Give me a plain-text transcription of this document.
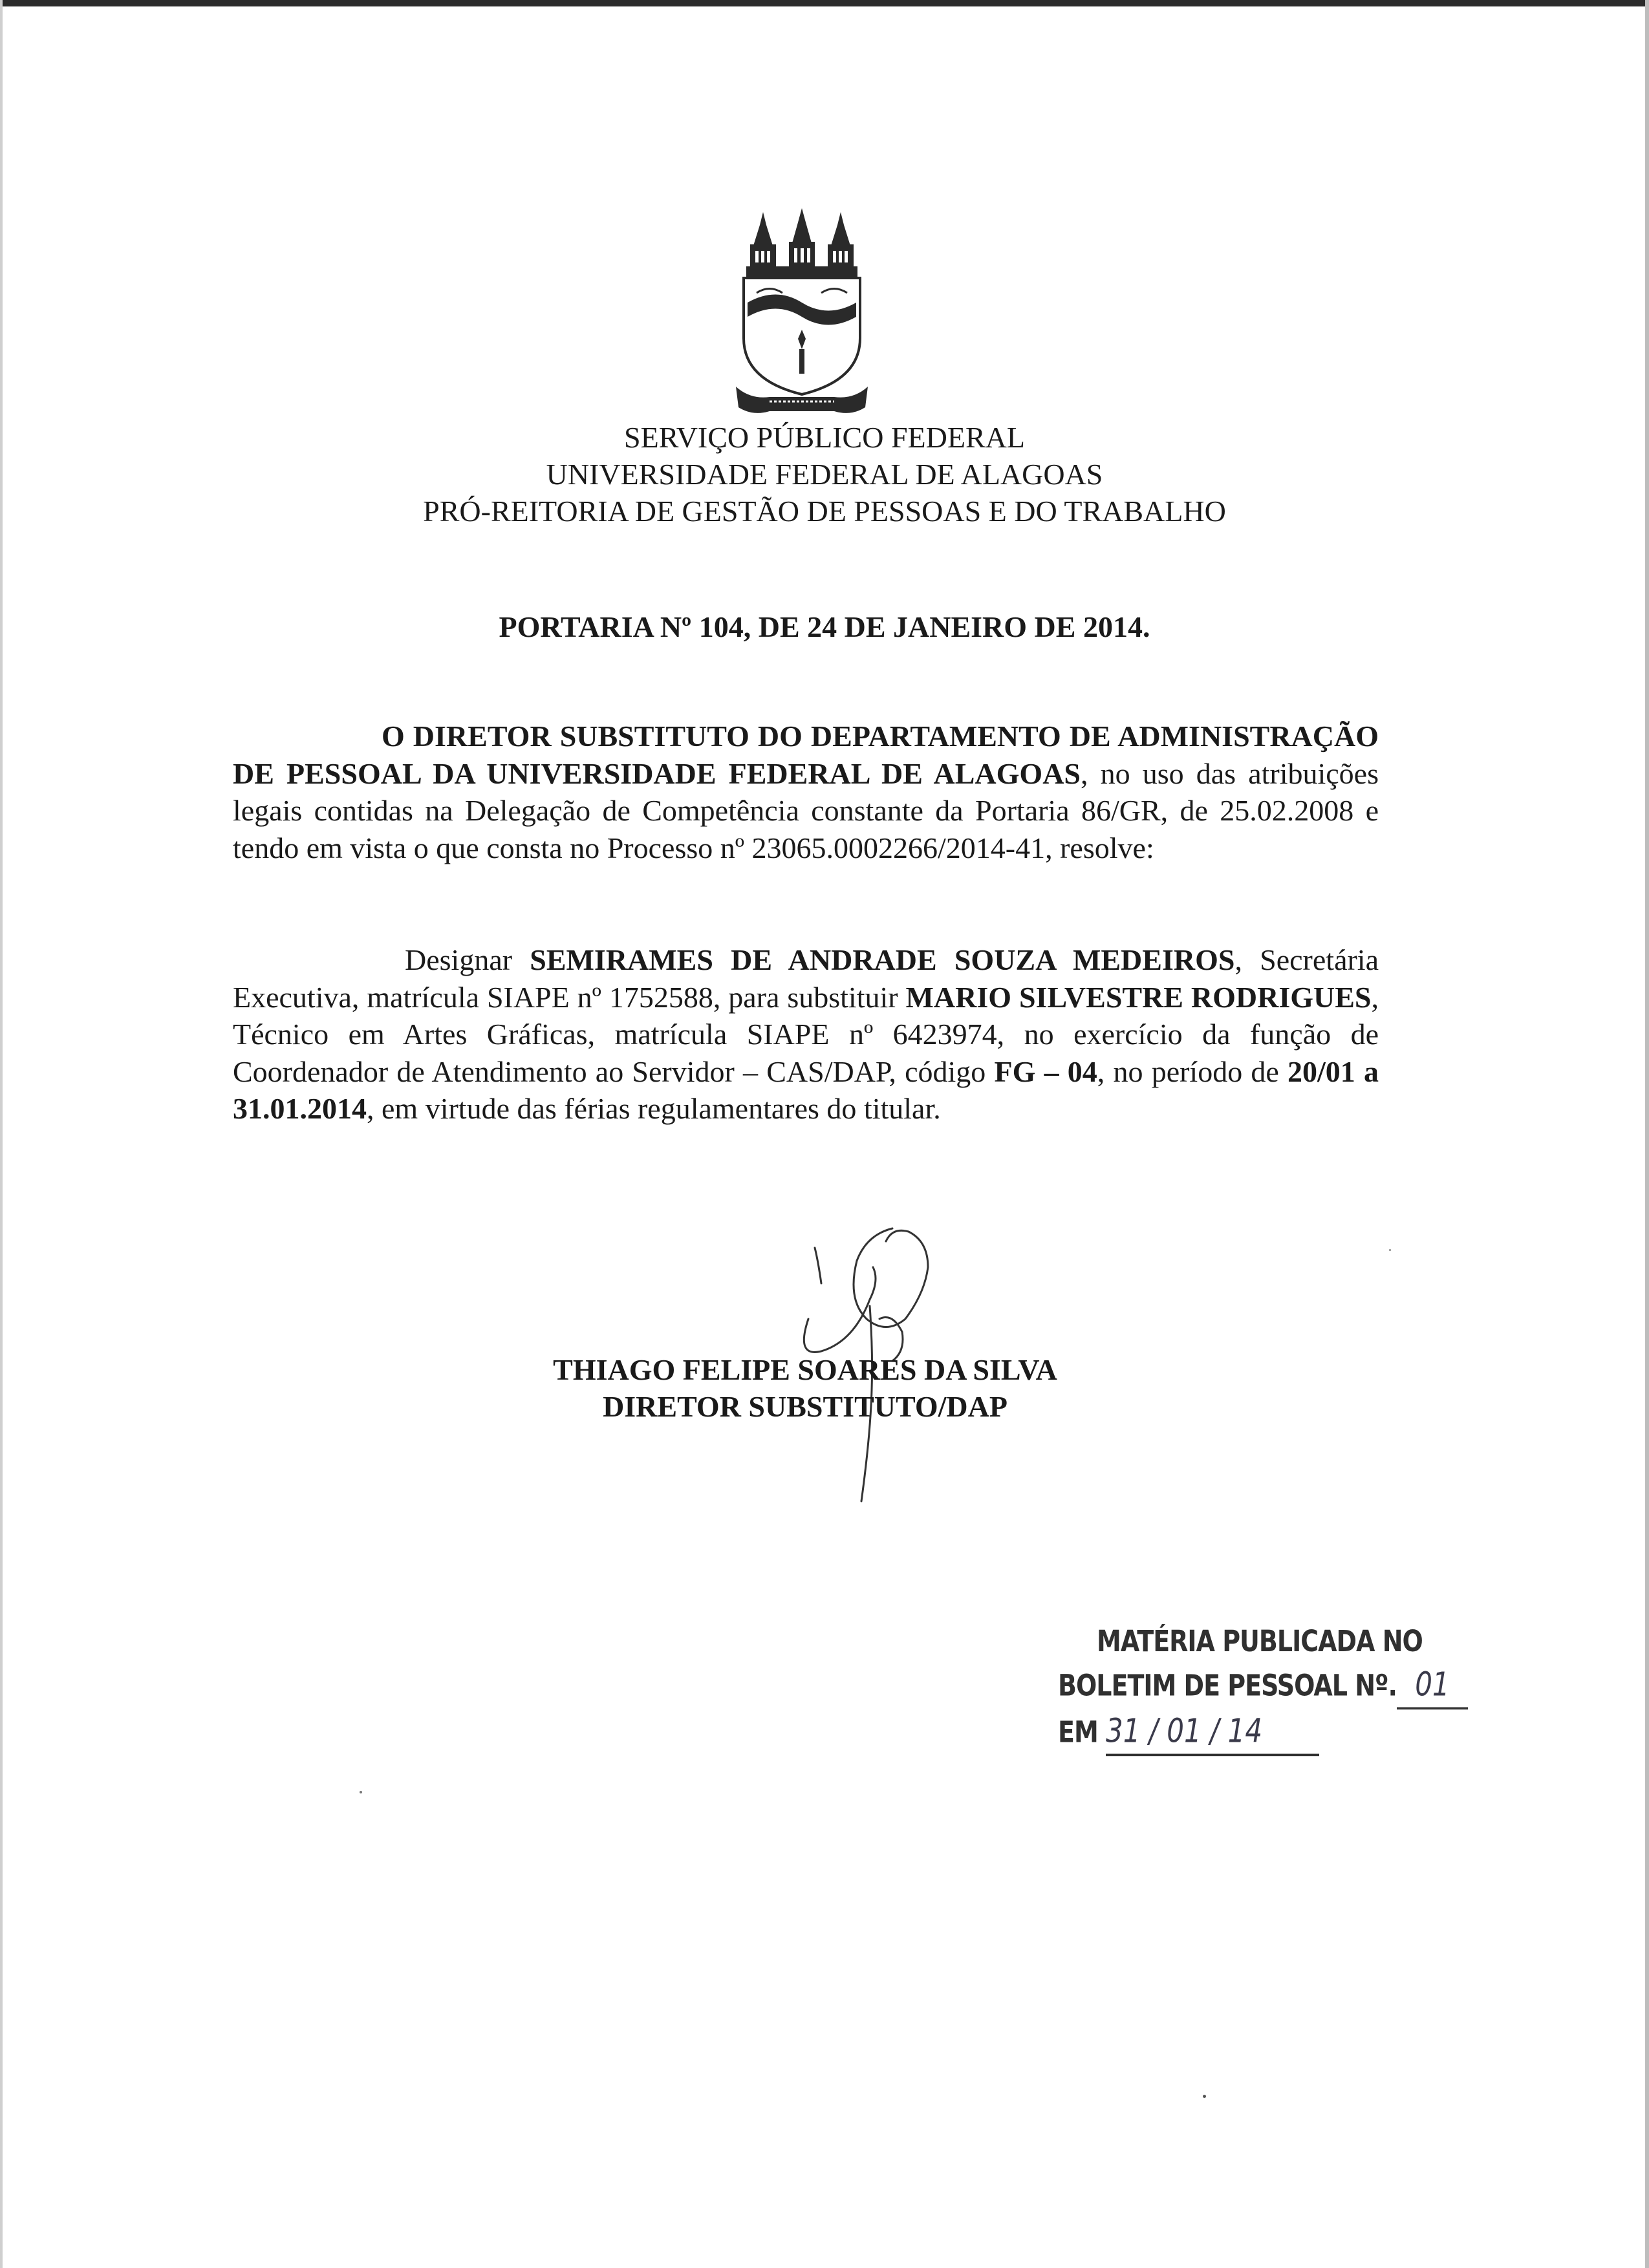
SERVIÇO PÚBLICO FEDERAL
UNIVERSIDADE FEDERAL DE ALAGOAS
PRÓ-REITORIA DE GESTÃO DE PESSOAS E DO TRABALHO
PORTARIA Nº 104, DE 24 DE JANEIRO DE 2014.
O DIRETOR SUBSTITUTO DO DEPARTAMENTO DE ADMINISTRAÇÃO DE PESSOAL DA UNIVERSIDADE FEDERAL DE ALAGOAS, no uso das atribuições legais contidas na Delegação de Competência constante da Portaria 86/GR, de 25.02.2008 e tendo em vista o que consta no Processo nº 23065.0002266/2014-41, resolve:
Designar SEMIRAMES DE ANDRADE SOUZA MEDEIROS, Secretária Executiva, matrícula SIAPE nº 1752588, para substituir MARIO SILVESTRE RODRIGUES, Técnico em Artes Gráficas, matrícula SIAPE nº 6423974, no exercício da função de Coordenador de Atendimento ao Servidor – CAS/DAP, código FG – 04, no período de 20/01 a 31.01.2014, em virtude das férias regulamentares do titular.
THIAGO FELIPE SOARES DA SILVA
DIRETOR SUBSTITUTO/DAP
MATÉRIA PUBLICADA NO
BOLETIM DE PESSOAL Nº. 01
EM 31 / 01 / 14
